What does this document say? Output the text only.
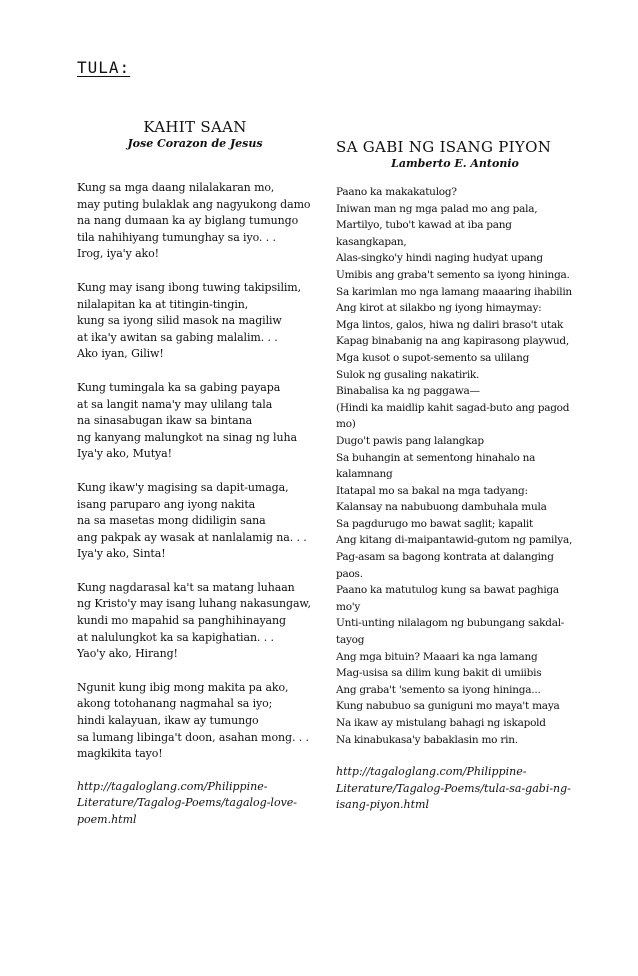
TULA:
KAHIT SAAN
Jose Corazon de Jesus
Kung sa mga daang nilalakaran mo,
may puting bulaklak ang nagyukong damo
na nang dumaan ka ay biglang tumungo
tila nahihiyang tumunghay sa iyo. . .
Irog, iya'y ako!
Kung may isang ibong tuwing takipsilim,
nilalapitan ka at titingin-tingin,
kung sa iyong silid masok na magiliw
at ika'y awitan sa gabing malalim. . .
Ako iyan, Giliw!
Kung tumingala ka sa gabing payapa
at sa langit nama'y may ulilang tala
na sinasabugan ikaw sa bintana
ng kanyang malungkot na sinag ng luha
Iya'y ako, Mutya!
Kung ikaw'y magising sa dapit-umaga,
isang paruparo ang iyong nakita
na sa masetas mong didiligin sana
ang pakpak ay wasak at nanlalamig na. . .
Iya'y ako, Sinta!
Kung nagdarasal ka't sa matang luhaan
ng Kristo'y may isang luhang nakasungaw,
kundi mo mapahid sa panghihinayang
at nalulungkot ka sa kapighatian. . .
Yao'y ako, Hirang!
Ngunit kung ibig mong makita pa ako,
akong totohanang nagmahal sa iyo;
hindi kalayuan, ikaw ay tumungo
sa lumang libinga't doon, asahan mong. . .
magkikita tayo!
http://tagaloglang.com/Philippine-Literature/Tagalog-Poems/tagalog-love-poem.html
SA GABI NG ISANG PIYON
Lamberto E. Antonio
Paano ka makakatulog?
Iniwan man ng mga palad mo ang pala,
Martilyo, tubo't kawad at iba pang kasangkapan,
Alas-singko'y hindi naging hudyat upang
Umibis ang graba't semento sa iyong hininga.
Sa karimlan mo nga lamang maaaring ihabilin
Ang kirot at silakbo ng iyong himaymay:
Mga lintos, galos, hiwa ng daliri braso't utak
Kapag binabanig na ang kapirasong playwud,
Mga kusot o supot-semento sa ulilang
Sulok ng gusaling nakatirik.
Binabalisa ka ng paggawa—
(Hindi ka maidlip kahit sagad-buto ang pagod mo)
Dugo't pawis pang lalangkap
Sa buhangin at sementong hinahalo na kalamnang
Itatapal mo sa bakal na mga tadyang:
Kalansay na nabubuong dambuhala mula
Sa pagdurugo mo bawat saglit; kapalit
Ang kitang di-maipantawid-gutom ng pamilya,
Pag-asam sa bagong kontrata at dalanging paos.
Paano ka matutulog kung sa bawat paghiga mo'y
Unti-unting nilalagom ng bubungang sakdal-tayog
Ang mga bituin? Maaari ka nga lamang
Mag-usisa sa dilim kung bakit di umiibis
Ang graba't 'semento sa iyong hininga...
Kung nabubuo sa guniguni mo maya't maya
Na ikaw ay mistulang bahagi ng iskapold
Na kinabukasa'y babaklasin mo rin.
http://tagaloglang.com/Philippine-Literature/Tagalog-Poems/tula-sa-gabi-ng-isang-piyon.html
